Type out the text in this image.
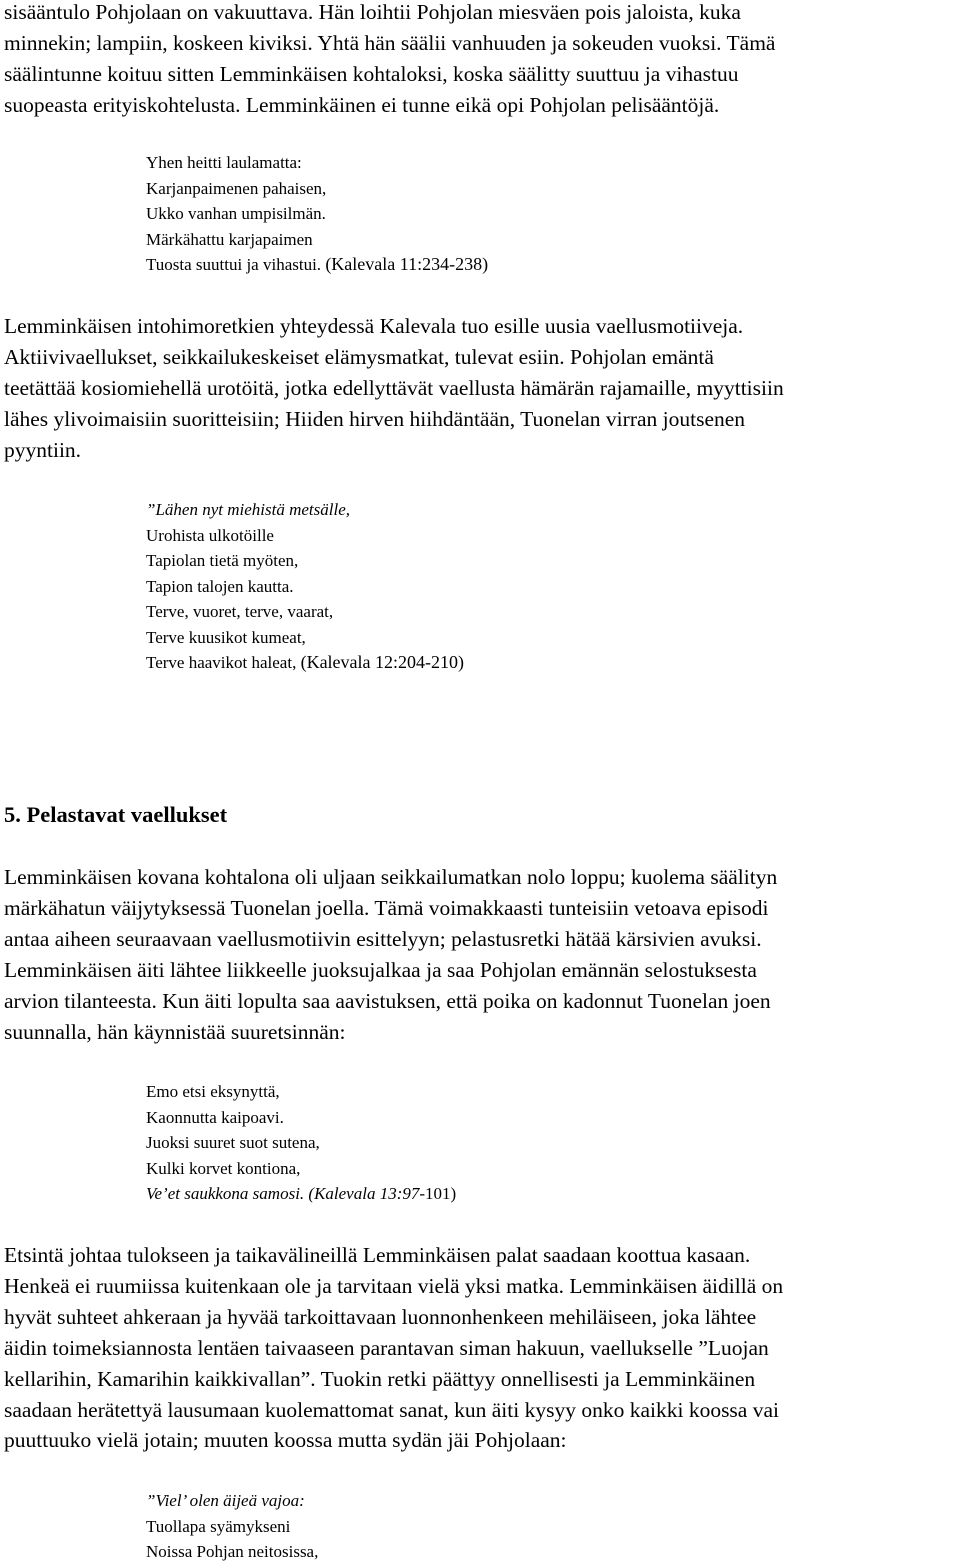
sisääntulo Pohjolaan on vakuuttava. Hän loihtii Pohjolan miesväen pois jaloista, kuka
minnekin; lampiin, koskeen kiviksi. Yhtä hän säälii vanhuuden ja sokeuden vuoksi. Tämä
säälintunne koituu sitten Lemminkäisen kohtaloksi, koska säälitty suuttuu ja vihastuu
suopeasta erityiskohtelusta. Lemminkäinen ei tunne eikä opi Pohjolan pelisääntöjä.
Yhen heitti laulamatta:
Karjanpaimenen pahaisen,
Ukko vanhan umpisilmän.
Märkähattu karjapaimen
Tuosta suuttui ja vihastui. (Kalevala 11:234-238)
Lemminkäisen intohimoretkien yhteydessä Kalevala tuo esille uusia vaellusmotiiveja.
Aktiivivaellukset, seikkailukeskeiset elämysmatkat, tulevat esiin. Pohjolan emäntä
teetättää kosiomiehellä urotöitä, jotka edellyttävät vaellusta hämärän rajamaille, myyttisiin
lähes ylivoimaisiin suoritteisiin; Hiiden hirven hiihdäntään, Tuonelan virran joutsenen
pyyntiin.
”Lähen nyt miehistä metsälle,
Urohista ulkotöille
Tapiolan tietä myöten,
Tapion talojen kautta.
Terve, vuoret, terve, vaarat,
Terve kuusikot kumeat,
Terve haavikot haleat, (Kalevala 12:204-210)
5. Pelastavat vaellukset
Lemminkäisen kovana kohtalona oli uljaan seikkailumatkan nolo loppu; kuolema säälityn
märkähatun väijytyksessä Tuonelan joella. Tämä voimakkaasti tunteisiin vetoava episodi
antaa aiheen seuraavaan vaellusmotiivin esittelyyn; pelastusretki hätää kärsivien avuksi.
Lemminkäisen äiti lähtee liikkeelle juoksujalkaa ja saa Pohjolan emännän selostuksesta
arvion tilanteesta. Kun äiti lopulta saa aavistuksen, että poika on kadonnut Tuonelan joen
suunnalla, hän käynnistää suuretsinnän:
Emo etsi eksynyttä,
Kaonnutta kaipoavi.
Juoksi suuret suot sutena,
Kulki korvet kontiona,
Ve’et saukkona samosi. (Kalevala 13:97-101)
Etsintä johtaa tulokseen ja taikavälineillä Lemminkäisen palat saadaan koottua kasaan.
Henkeä ei ruumiissa kuitenkaan ole ja tarvitaan vielä yksi matka. Lemminkäisen äidillä on
hyvät suhteet ahkeraan ja hyvää tarkoittavaan luonnonhenkeen mehiläiseen, joka lähtee
äidin toimeksiannosta lentäen taivaaseen parantavan siman hakuun, vaellukselle ”Luojan
kellarihin, Kamarihin kaikkivallan”. Tuokin retki päättyy onnellisesti ja Lemminkäinen
saadaan herätettyä lausumaan kuolemattomat sanat, kun äiti kysyy onko kaikki koossa vai
puuttuuko vielä jotain; muuten koossa mutta sydän jäi Pohjolaan:
”Viel’ olen äijeä vajoa:
Tuollapa syämykseni
Noissa Pohjan neitosissa,
